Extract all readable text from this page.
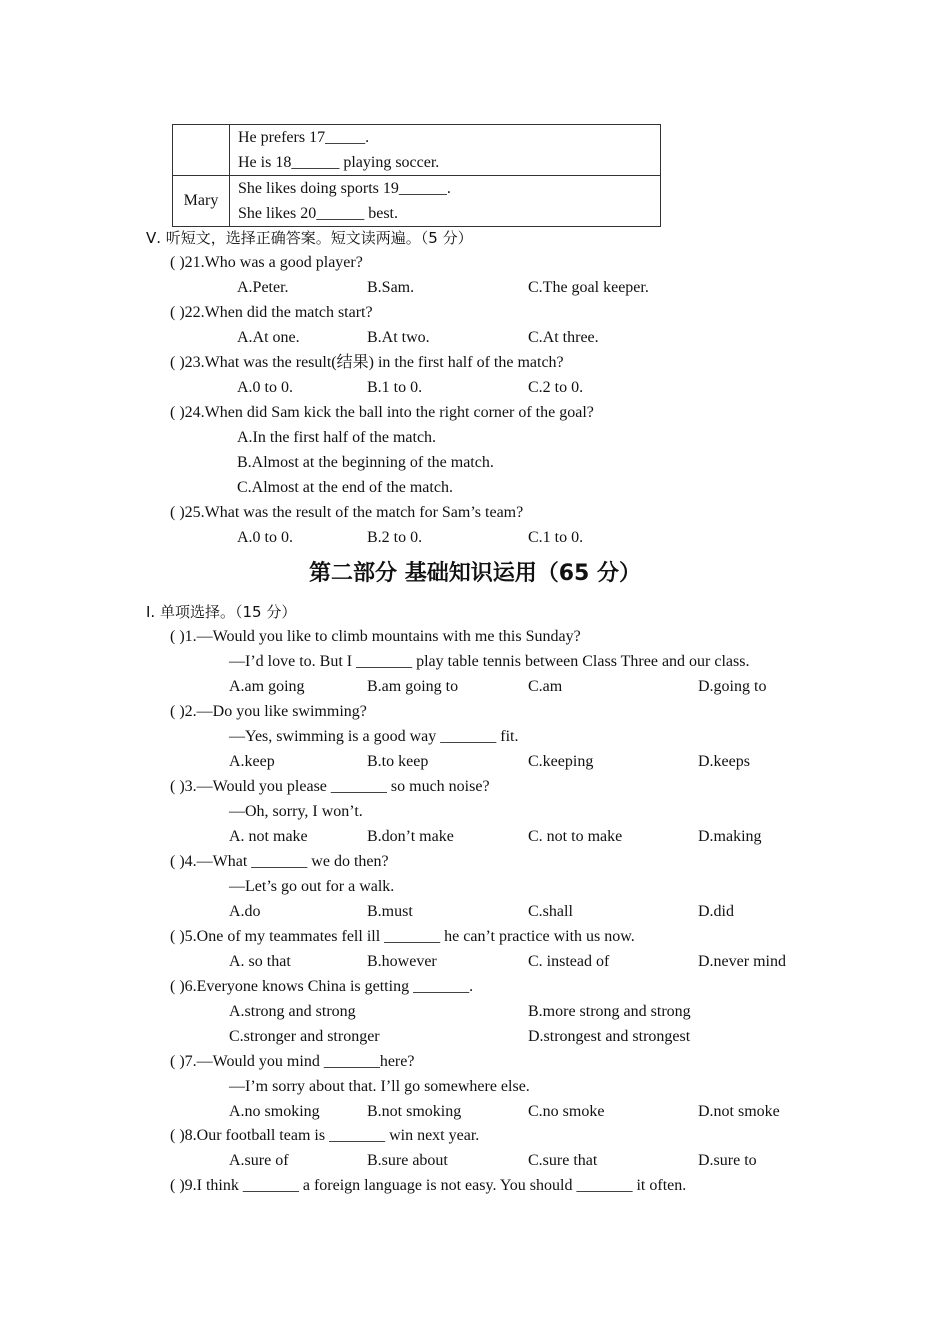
	He prefers 17_____.
He is 18______ playing soccer.

Mary	She likes doing sports 19______.
She likes 20______ best.
Ⅴ. 听短文，选择正确答案。短文读两遍。（5 分）
( )21.Who was a good player?
A.Peter.	B.Sam.	C.The goal keeper.
( )22.When did the match start?
A.At one.	B.At two.	C.At three.
( )23.What was the result(结果) in the first half of the match?
A.0 to 0.	B.1 to 0.	C.2 to 0.
( )24.When did Sam kick the ball into the right corner of the goal?
A.In the first half of the match.
B.Almost at the beginning of the match.
C.Almost at the end of the match.
( )25.What was the result of the match for Sam’s team?
A.0 to 0.	B.2 to 0.	C.1 to 0.
第二部分 基础知识运用（65 分）
Ⅰ. 单项选择。（15 分）
( )1.—Would you like to climb mountains with me this Sunday?
—I’d love to. But I _______ play table tennis between Class Three and our class.
A.am going	B.am going to	C.am	D.going to
( )2.—Do you like swimming?
—Yes, swimming is a good way _______ fit.
A.keep	B.to keep	C.keeping	D.keeps
( )3.—Would you please _______ so much noise?
—Oh, sorry, I won’t.
A. not make	B.don’t make	C. not to make	D.making
( )4.—What _______ we do then?
—Let’s go out for a walk.
A.do	B.must	C.shall	D.did
( )5.One of my teammates fell ill _______ he can’t practice with us now.
A. so that	B.however	C. instead of	D.never mind
( )6.Everyone knows China is getting _______.
A.strong and strong	B.more strong and strong
C.stronger and stronger	D.strongest and strongest
( )7.—Would you mind _______here?
—I’m sorry about that. I’ll go somewhere else.
A.no smoking	B.not smoking	C.no smoke	D.not smoke
( )8.Our football team is _______ win next year.
A.sure of	B.sure about	C.sure that	D.sure to
( )9.I think _______ a foreign language is not easy. You should _______ it often.
